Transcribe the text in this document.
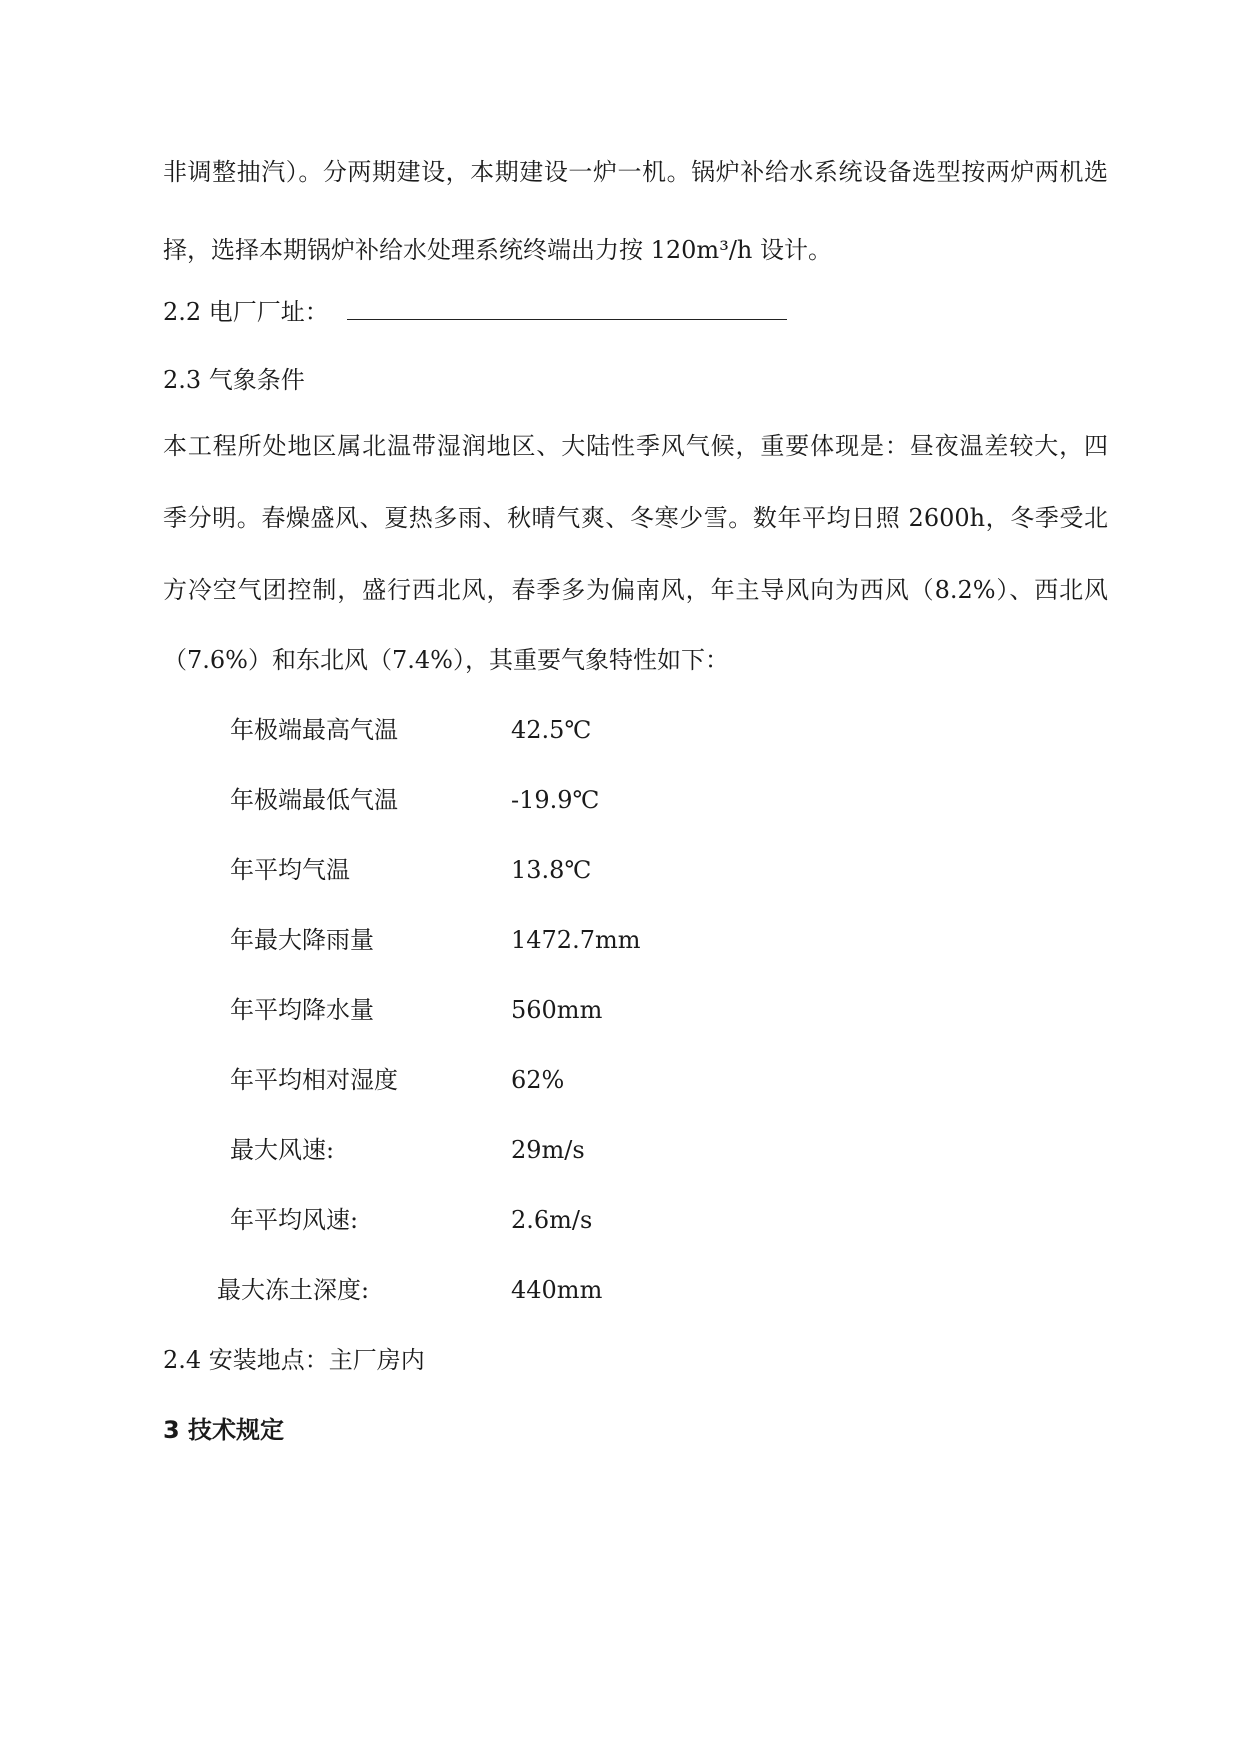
非调整抽汽）。分两期建设，本期建设一炉一机。锅炉补给水系统设备选型按两炉两机选
择，选择本期锅炉补给水处理系统终端出力按 120m³/h 设计。
2.2 电厂厂址：
2.3 气象条件
本工程所处地区属北温带湿润地区、大陆性季风气候，重要体现是：昼夜温差较大，四
季分明。春燥盛风、夏热多雨、秋晴气爽、冬寒少雪。数年平均日照 2600h，冬季受北
方冷空气团控制，盛行西北风，春季多为偏南风，年主导风向为西风（8.2%）、西北风
（7.6%）和东北风（7.4%），其重要气象特性如下：
年极端最高气温	42.5℃
年极端最低气温	-19.9℃
年平均气温	13.8℃
年最大降雨量	1472.7mm
年平均降水量	560mm
年平均相对湿度	62%
最大风速:	29m/s
年平均风速:	2.6m/s
最大冻土深度:	440mm
2.4 安装地点：主厂房内
3 技术规定
